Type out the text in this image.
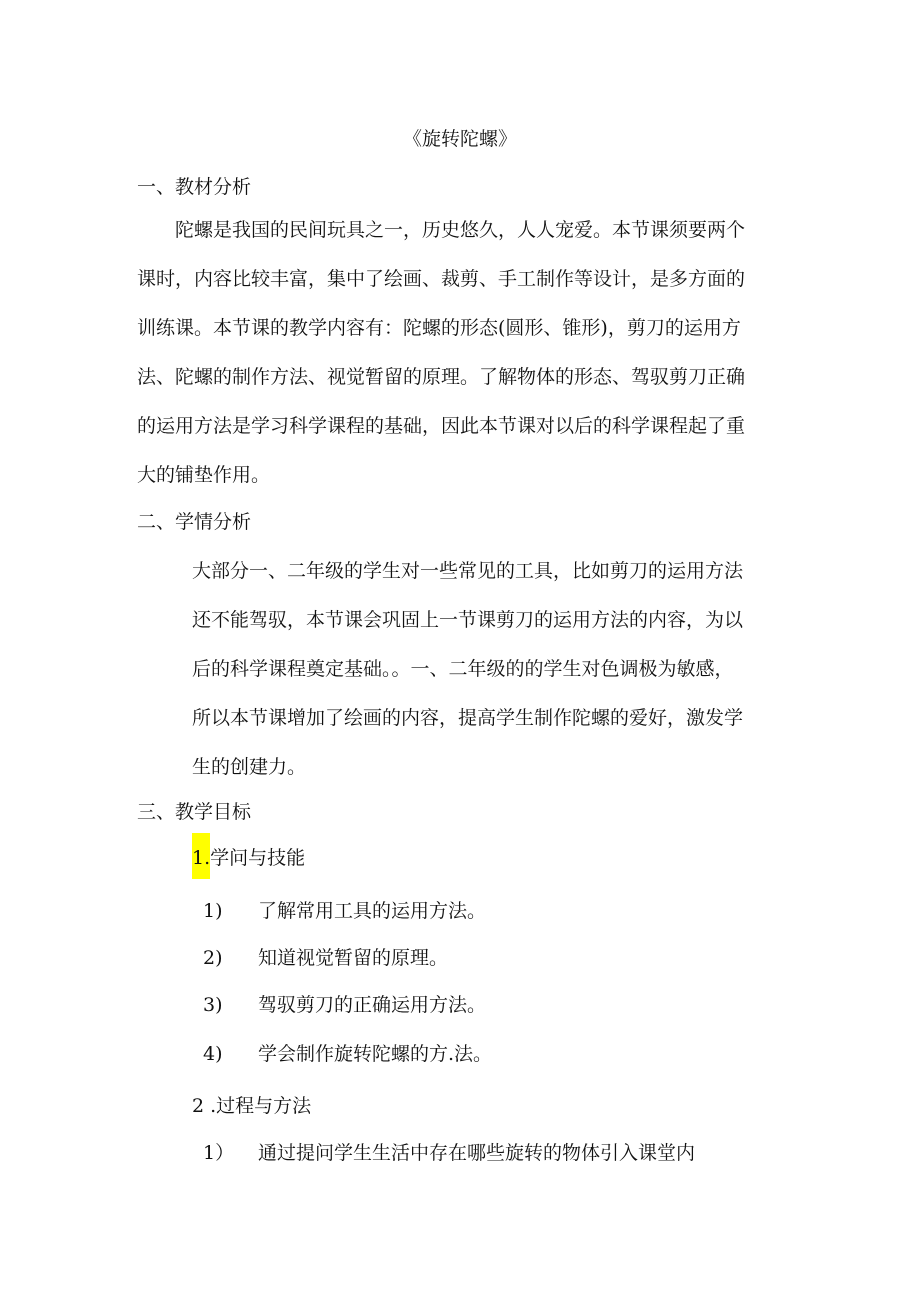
《旋转陀螺》
一、教材分析
陀螺是我国的民间玩具之一，历史悠久，人人宠爱。本节课须要两个
课时，内容比较丰富，集中了绘画、裁剪、手工制作等设计，是多方面的
训练课。本节课的教学内容有：陀螺的形态(圆形、锥形)，剪刀的运用方
法、陀螺的制作方法、视觉暂留的原理。了解物体的形态、驾驭剪刀正确
的运用方法是学习科学课程的基础，因此本节课对以后的科学课程起了重
大的铺垫作用。
二、学情分析
大部分一、二年级的学生对一些常见的工具，比如剪刀的运用方法
还不能驾驭，本节课会巩固上一节课剪刀的运用方法的内容，为以
后的科学课程奠定基础。。一、二年级的的学生对色调极为敏感，
所以本节课增加了绘画的内容，提高学生制作陀螺的爱好，激发学
生的创建力。
三、教学目标
1.学问与技能
1) 了解常用工具的运用方法。
2) 知道视觉暂留的原理。
3) 驾驭剪刀的正确运用方法。
4) 学会制作旋转陀螺的方.法。
2 .过程与方法
1） 通过提问学生生活中存在哪些旋转的物体引入课堂内
